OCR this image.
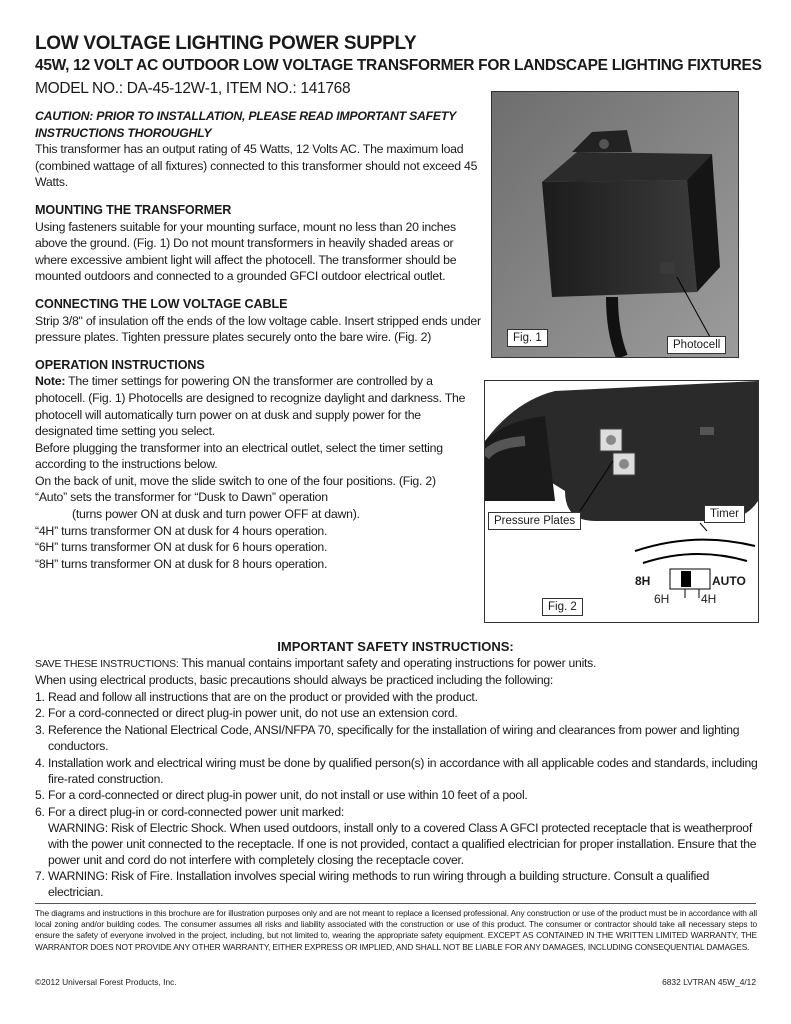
LOW VOLTAGE LIGHTING POWER SUPPLY
45W, 12 VOLT AC OUTDOOR LOW VOLTAGE TRANSFORMER FOR LANDSCAPE LIGHTING FIXTURES
MODEL NO.: DA-45-12W-1, ITEM NO.: 141768
CAUTION: PRIOR TO INSTALLATION, PLEASE READ IMPORTANT SAFETY INSTRUCTIONS THOROUGHLY

This transformer has an output rating of 45 Watts, 12 Volts AC. The maximum load (combined wattage of all fixtures) connected to this transformer should not exceed 45 Watts.

MOUNTING THE TRANSFORMER

Using fasteners suitable for your mounting surface, mount no less than 20 inches above the ground. (Fig. 1) Do not mount transformers in heavily shaded areas or where excessive ambient light will affect the photocell. The transformer should be mounted outdoors and connected to a grounded GFCI outdoor electrical outlet.

CONNECTING THE LOW VOLTAGE CABLE

Strip 3/8" of insulation off the ends of the low voltage cable. Insert stripped ends under pressure plates. Tighten pressure plates securely onto the bare wire. (Fig. 2)

OPERATION INSTRUCTIONS

Note: The timer settings for powering ON the transformer are controlled by a photocell. (Fig. 1) Photocells are designed to recognize daylight and darkness. The photocell will automatically turn power on at dusk and supply power for the designated time setting you select.

Before plugging the transformer into an electrical outlet, select the timer setting according to the instructions below.

On the back of unit, move the slide switch to one of the four positions. (Fig. 2)

“Auto” sets the transformer for “Dusk to Dawn” operation

(turns power ON at dusk and turn power OFF at dawn).

“4H” turns transformer ON at dusk for 4 hours operation.

“6H” turns transformer ON at dusk for 6 hours operation.

“8H” turns transformer ON at dusk for 8 hours operation.

Fig. 1
Photocell
Pressure Plates
Timer
8H	AUTO
6H	4H
Fig. 2
IMPORTANT SAFETY INSTRUCTIONS:

SAVE THESE INSTRUCTIONS: This manual contains important safety and operating instructions for power units.

When using electrical products, basic precautions should always be practiced including the following:

1. Read and follow all instructions that are on the product or provided with the product.
2. For a cord-connected or direct plug-in power unit, do not use an extension cord.
3. Reference the National Electrical Code, ANSI/NFPA 70, specifically for the installation of wiring and clearances from power and lighting conductors.
4. Installation work and electrical wiring must be done by qualified person(s) in accordance with all applicable codes and standards, including fire-rated construction.
5. For a cord-connected or direct plug-in power unit, do not install or use within 10 feet of a pool.
6. For a direct plug-in or cord-connected power unit marked:
WARNING: Risk of Electric Shock. When used outdoors, install only to a covered Class A GFCI protected receptacle that is weatherproof with the power unit connected to the receptacle. If one is not provided, contact a qualified electrician for proper installation. Ensure that the power unit and cord do not interfere with completely closing the receptacle cover.
7. WARNING: Risk of Fire. Installation involves special wiring methods to run wiring through a building structure. Consult a qualified electrician.
The diagrams and instructions in this brochure are for illustration purposes only and are not meant to replace a licensed professional. Any construction or use of the product must be in accordance with all local zoning and/or building codes. The consumer assumes all risks and liability associated with the construction or use of this product. The consumer or contractor should take all necessary steps to ensure the safety of everyone involved in the project, including, but not limited to, wearing the appropriate safety equipment. EXCEPT AS CONTAINED IN THE WRITTEN LIMITED WARRANTY, THE WARRANTOR DOES NOT PROVIDE ANY OTHER WARRANTY, EITHER EXPRESS OR IMPLIED, AND SHALL NOT BE LIABLE FOR ANY DAMAGES, INCLUDING CONSEQUENTIAL DAMAGES.
©2012 Universal Forest Products, Inc.	6832 LVTRAN 45W_4/12
